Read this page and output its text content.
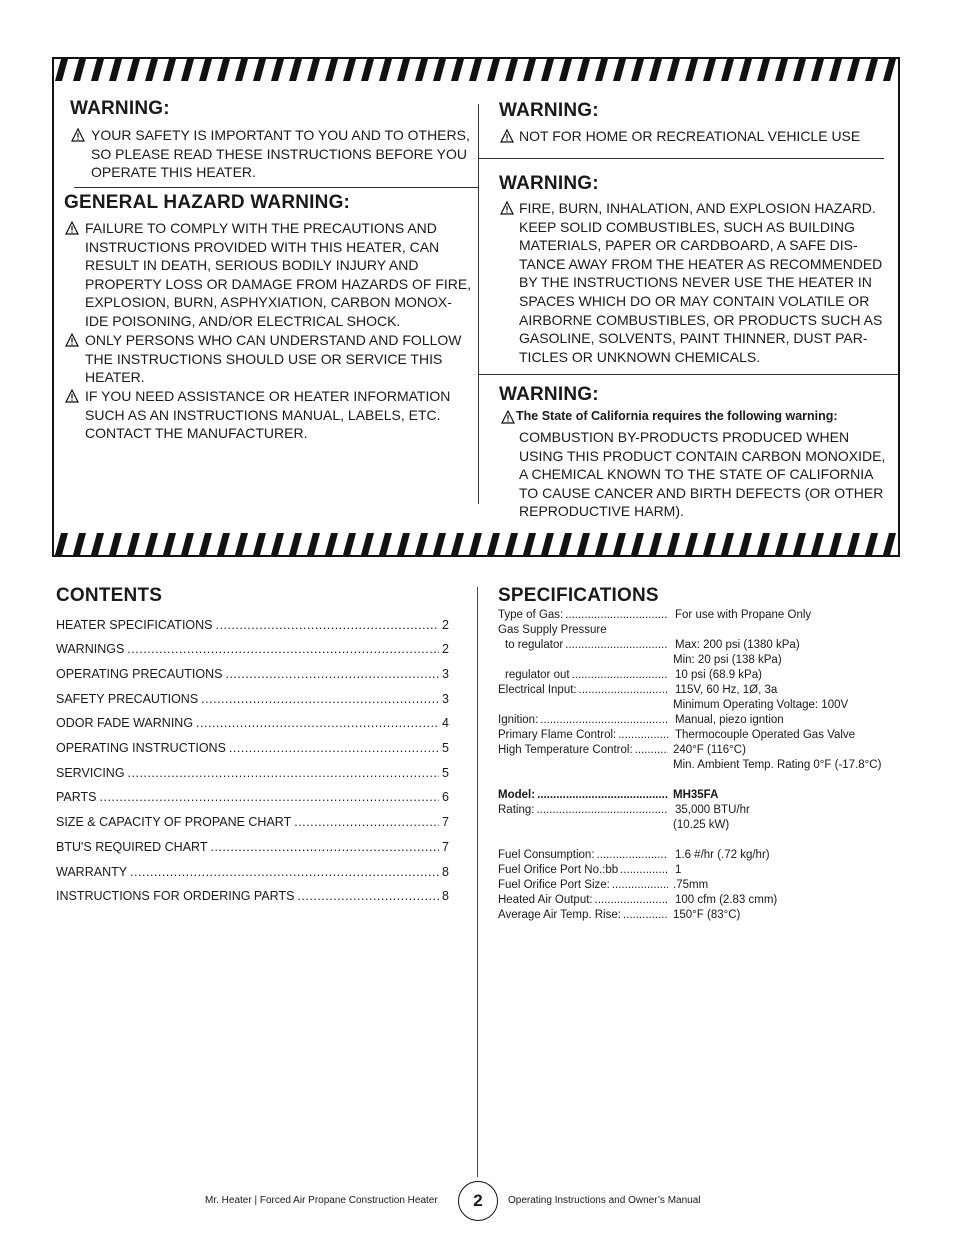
WARNING:
YOUR SAFETY IS IMPORTANT TO YOU AND TO OTHERS,
SO PLEASE READ THESE INSTRUCTIONS BEFORE YOU
OPERATE THIS HEATER.
GENERAL HAZARD WARNING:
FAILURE TO COMPLY WITH THE PRECAUTIONS AND
INSTRUCTIONS PROVIDED WITH THIS HEATER, CAN
RESULT IN DEATH, SERIOUS BODILY INJURY AND
PROPERTY LOSS OR DAMAGE FROM HAZARDS OF FIRE,
EXPLOSION, BURN, ASPHYXIATION, CARBON MONOX-
IDE POISONING, AND/OR ELECTRICAL SHOCK.
ONLY PERSONS WHO CAN UNDERSTAND AND FOLLOW
THE INSTRUCTIONS SHOULD USE OR SERVICE THIS
HEATER.
IF YOU NEED ASSISTANCE OR HEATER INFORMATION
SUCH AS AN INSTRUCTIONS MANUAL, LABELS, ETC.
CONTACT THE MANUFACTURER.
WARNING:
NOT FOR HOME OR RECREATIONAL VEHICLE USE
WARNING:
FIRE, BURN, INHALATION, AND EXPLOSION HAZARD.
KEEP SOLID COMBUSTIBLES, SUCH AS BUILDING
MATERIALS, PAPER OR CARDBOARD, A SAFE DIS-
TANCE AWAY FROM THE HEATER AS RECOMMENDED
BY THE INSTRUCTIONS NEVER USE THE HEATER IN
SPACES WHICH DO OR MAY CONTAIN VOLATILE OR
AIRBORNE COMBUSTIBLES, OR PRODUCTS SUCH AS
GASOLINE, SOLVENTS, PAINT THINNER, DUST PAR-
TICLES OR UNKNOWN CHEMICALS.
WARNING:
The State of California requires the following warning:
COMBUSTION BY-PRODUCTS PRODUCED WHEN
USING THIS PRODUCT CONTAIN CARBON MONOXIDE,
A CHEMICAL KNOWN TO THE STATE OF CALIFORNIA
TO CAUSE CANCER AND BIRTH DEFECTS (OR OTHER
REPRODUCTIVE HARM).
CONTENTS
HEATER SPECIFICATIONS .....	2
WARNINGS .....	2
OPERATING PRECAUTIONS .....	3
SAFETY PRECAUTIONS .....	3
ODOR FADE WARNING .....	4
OPERATING INSTRUCTIONS .....	5
SERVICING .....	5
PARTS .....	6
SIZE & CAPACITY OF PROPANE CHART .....	7
BTU'S REQUIRED CHART .....	7
WARRANTY .....	8
INSTRUCTIONS FOR ORDERING PARTS .....	8
SPECIFICATIONS
Type of Gas: .....	For use with Propane Only
Gas Supply Pressure
to regulator .....	Max: 200 psi (1380 kPa)
Min: 20 psi (138 kPa)
regulator out .....	10 psi (68.9 kPa)
Electrical Input: .....	115V, 60 Hz, 1Ø, 3a
Minimum Operating Voltage: 100V
Ignition: .....	Manual, piezo igntion
Primary Flame Control: .....	Thermocouple Operated Gas Valve
High Temperature Control: .....	240°F (116°C)
Min. Ambient Temp. Rating 0°F (-17.8°C)
Model: .....	MH35FA
Rating: .....	35,000 BTU/hr
(10.25 kW)
Fuel Consumption: .....	1.6 #/hr (.72 kg/hr)
Fuel Orifice Port No.:bb .....	1
Fuel Orifice Port Size: .....	.75mm
Heated Air Output: .....	100 cfm (2.83 cmm)
Average Air Temp. Rise: .....	150°F (83°C)
Mr. Heater | Forced Air Propane Construction Heater 2	Operating Instructions and Owner’s Manual
